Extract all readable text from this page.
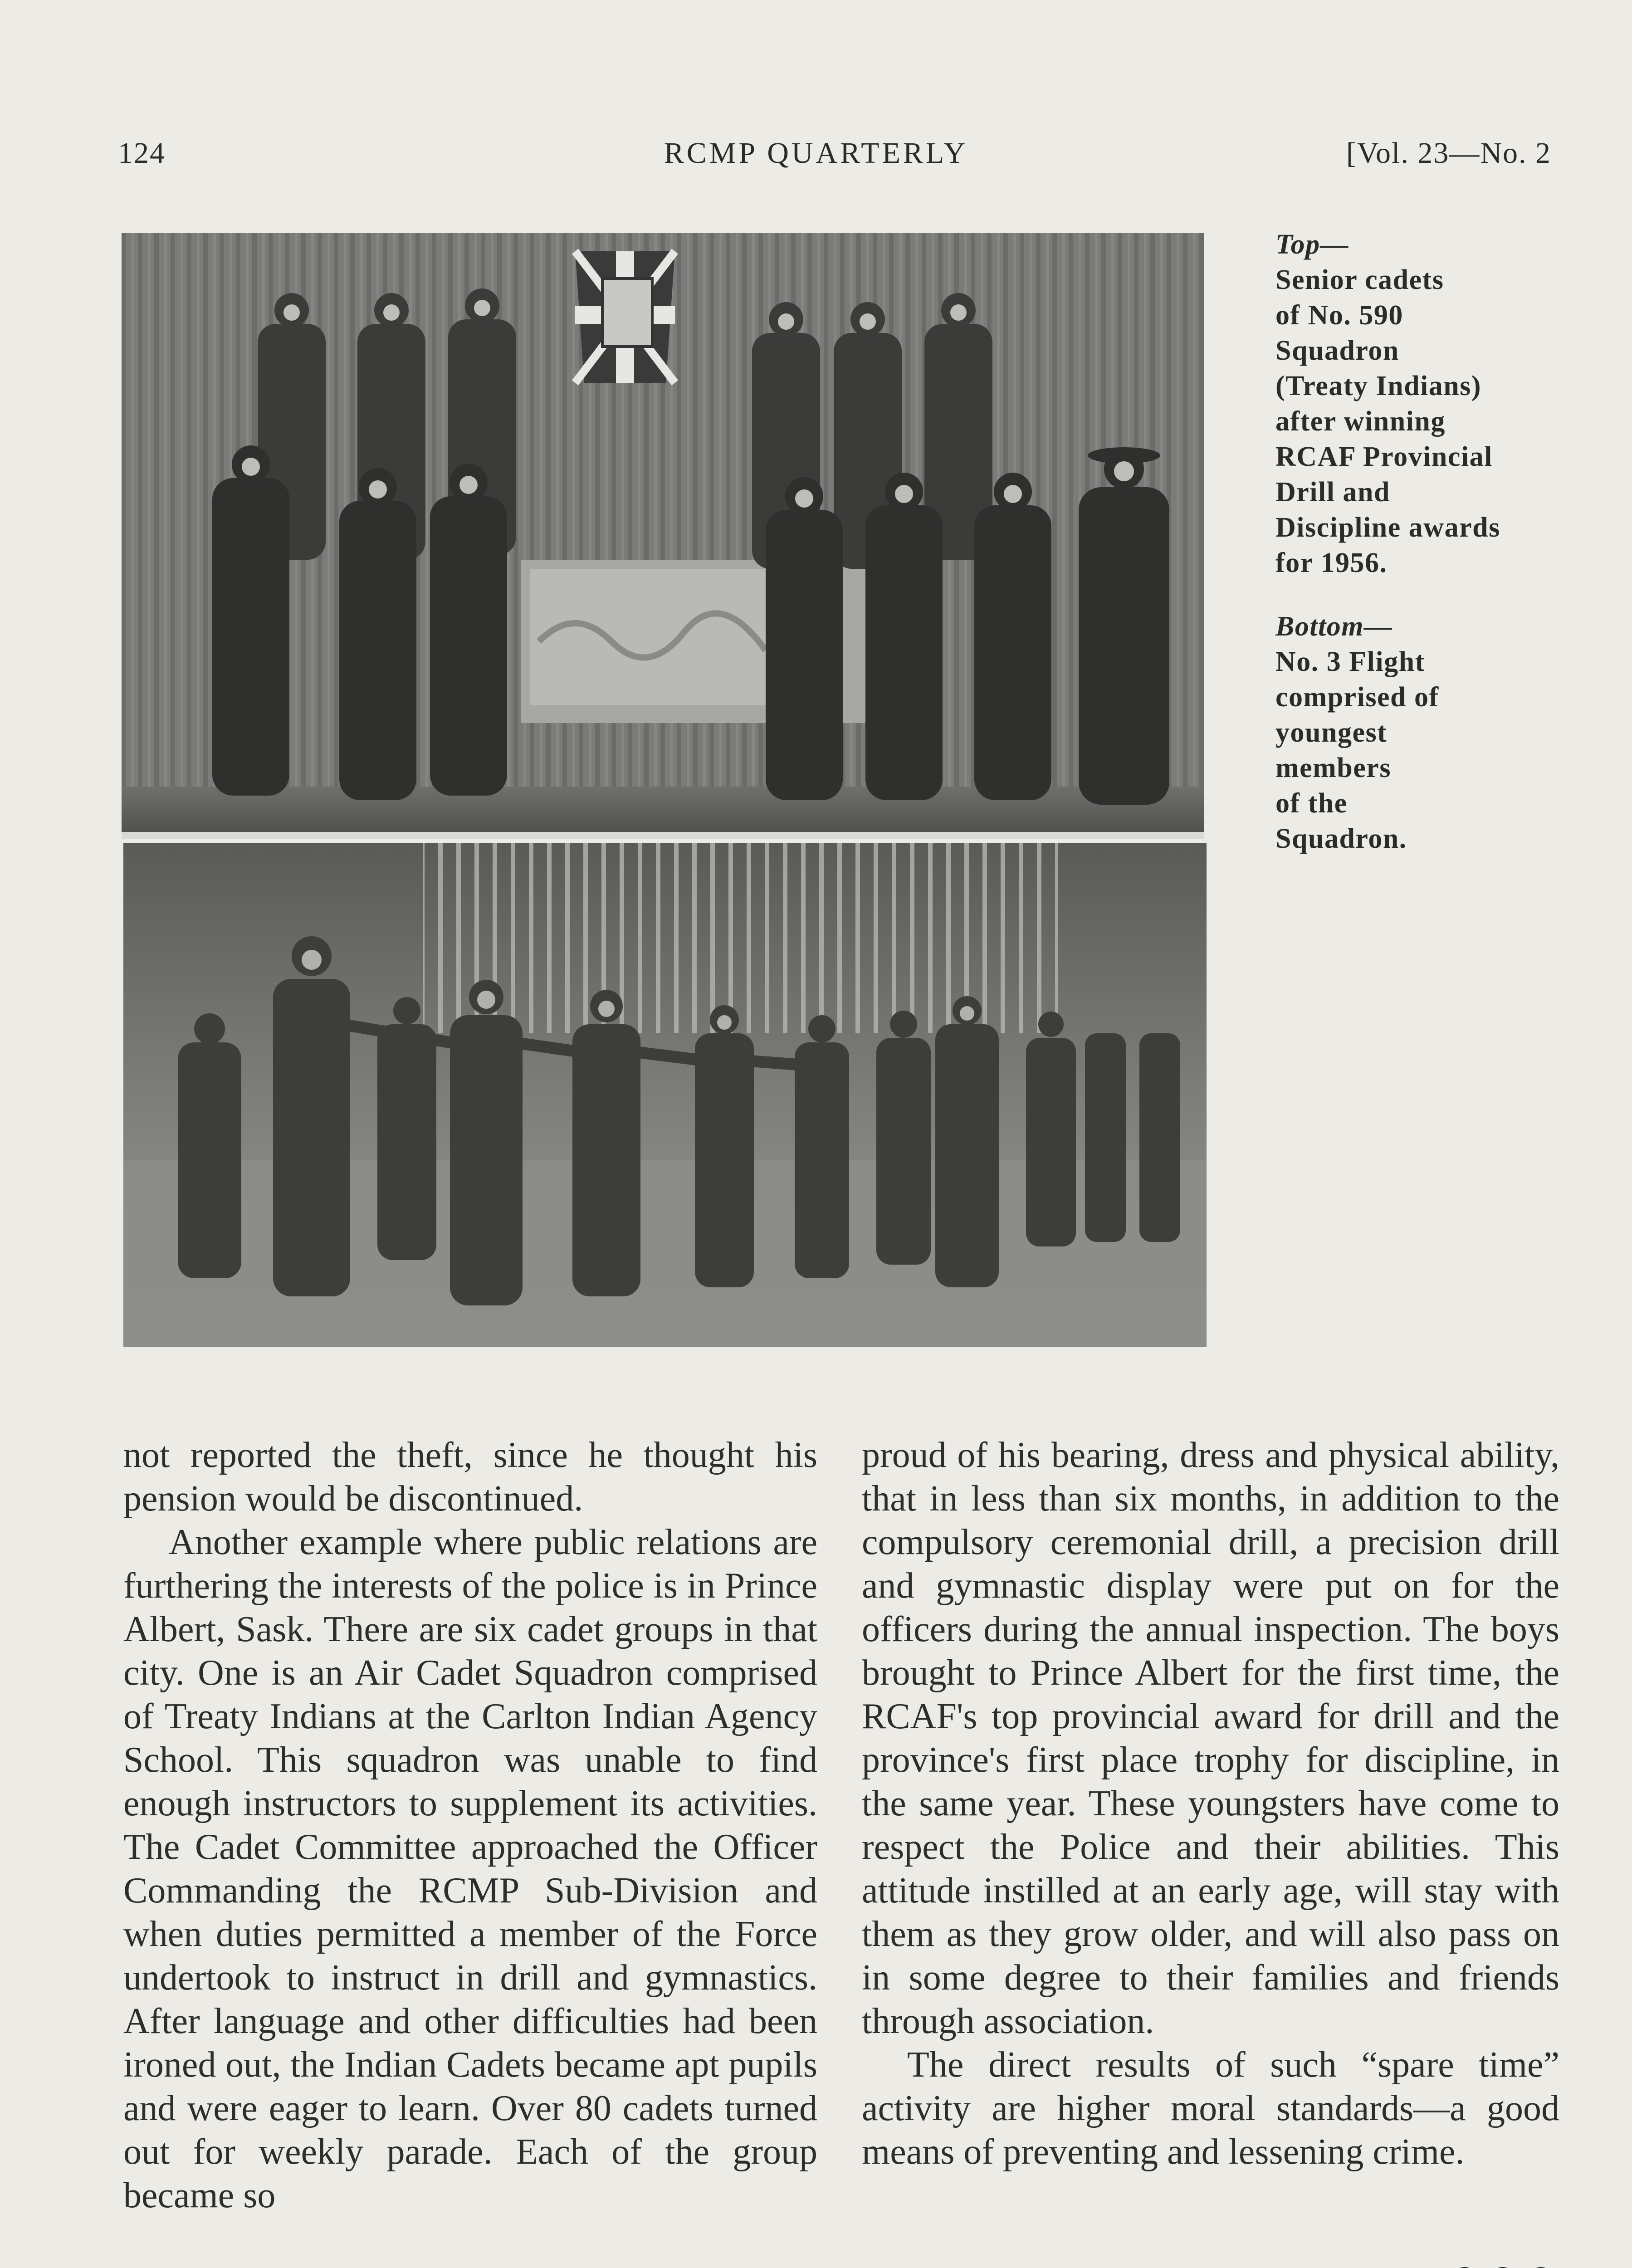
124	RCMP QUARTERLY	[Vol. 23—No. 2

Top—

Senior cadets

of No. 590

Squadron

(Treaty Indians)

after winning

RCAF Provincial

Drill and

Discipline awards

for 1956.

Bottom—

No. 3 Flight

comprised of

youngest

members

of the

Squadron.

not reported the theft, since he thought his pension would be discontinued.

Another example where public relations are furthering the interests of the police is in Prince Albert, Sask. There are six cadet groups in that city. One is an Air Cadet Squadron comprised of Treaty Indians at the Carlton Indian Agency School. This squadron was unable to find enough instructors to supplement its activities. The Cadet Committee approached the Officer Commanding the RCMP Sub-Division and when duties permitted a member of the Force undertook to instruct in drill and gymnastics. After language and other difficulties had been ironed out, the Indian Cadets became apt pupils and were eager to learn. Over 80 cadets turned out for weekly parade. Each of the group became so

proud of his bearing, dress and physical ability, that in less than six months, in addition to the compulsory ceremonial drill, a precision drill and gymnastic display were put on for the officers during the annual inspection. The boys brought to Prince Albert for the first time, the RCAF's top provincial award for drill and the province's first place trophy for discipline, in the same year. These youngsters have come to respect the Police and their abilities. This attitude instilled at an early age, will stay with them as they grow older, and will also pass on in some degree to their families and friends through association.

The direct results of such “spare time” activity are higher moral standards—a good means of preventing and lessening crime.
